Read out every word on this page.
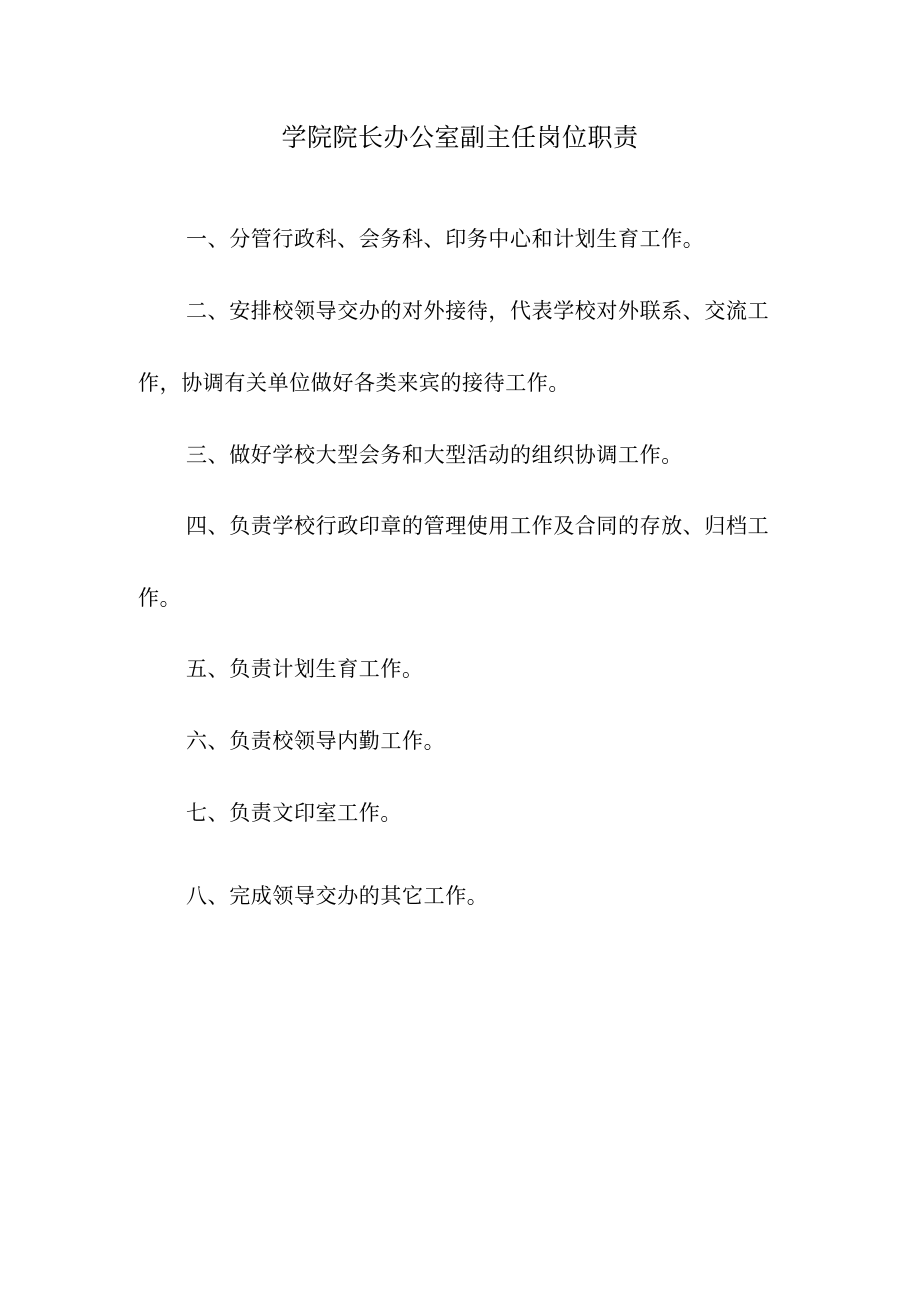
学院院长办公室副主任岗位职责

一、分管行政科、会务科、印务中心和计划生育工作。

二、安排校领导交办的对外接待，代表学校对外联系、交流工作，协调有关单位做好各类来宾的接待工作。

三、做好学校大型会务和大型活动的组织协调工作。

四、负责学校行政印章的管理使用工作及合同的存放、归档工作。

五、负责计划生育工作。

六、负责校领导内勤工作。

七、负责文印室工作。

八、完成领导交办的其它工作。
